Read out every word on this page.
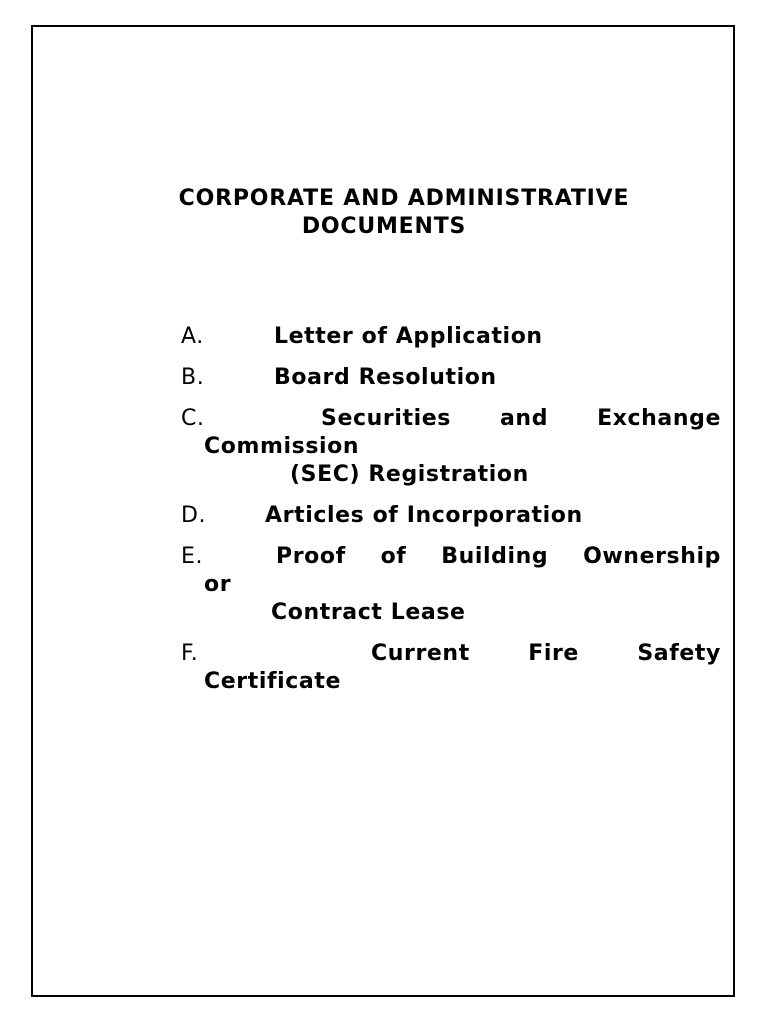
CORPORATE AND ADMINISTRATIVE
DOCUMENTS
A.	Letter of Application
B.	Board Resolution
C.	Securities and Exchange
Commission
(SEC) Registration
D.	Articles of Incorporation
E.	Proof of Building Ownership
or
Contract Lease
F.	Current	Fire	Safety
Certificate
